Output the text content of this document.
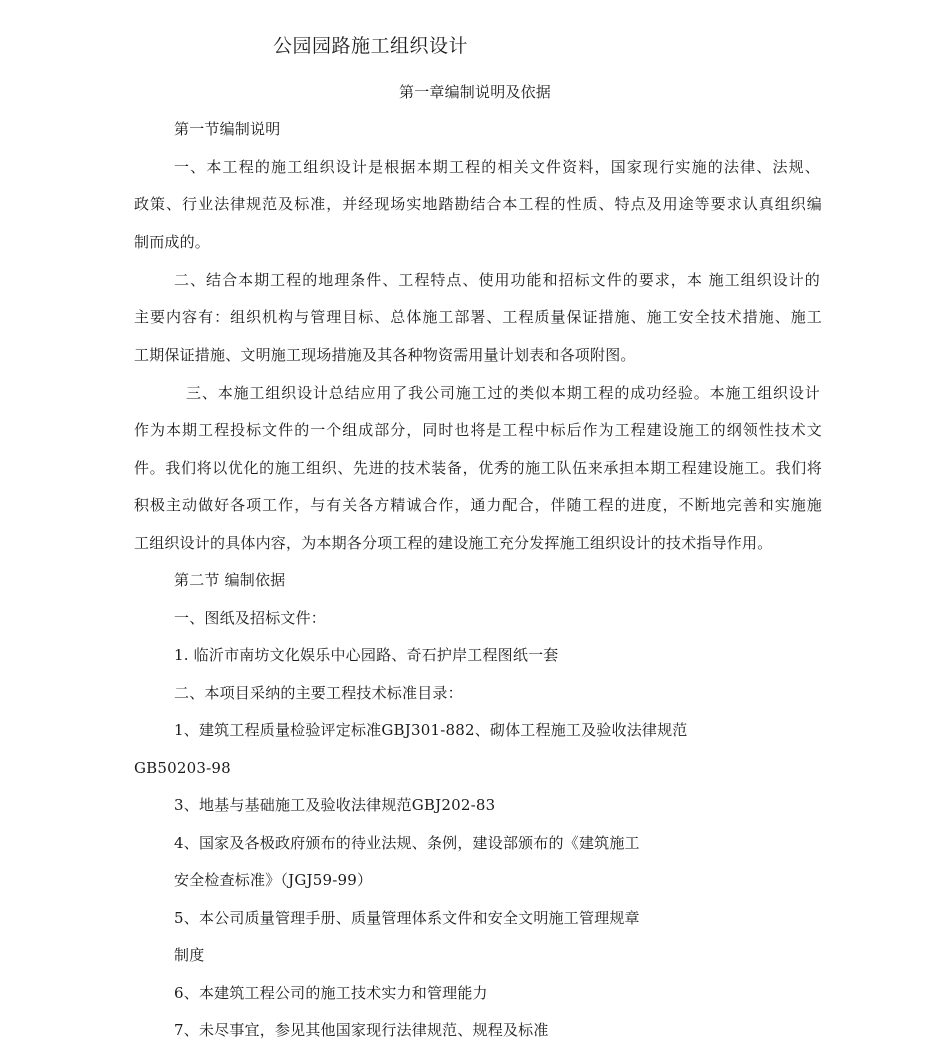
公园园路施工组织设计
第一章编制说明及依据
第一节编制说明
一、本工程的施工组织设计是根据本期工程的相关文件资料，国家现行实施的法律、法规、
政策、行业法律规范及标准，并经现场实地踏勘结合本工程的性质、特点及用途等要求认真组织编
制而成的。
二、结合本期工程的地理条件、工程特点、使用功能和招标文件的要求，本 施工组织设计的
主要内容有：组织机构与管理目标、总体施工部署、工程质量保证措施、施工安全技术措施、施工
工期保证措施、文明施工现场措施及其各种物资需用量计划表和各项附图。
三、本施工组织设计总结应用了我公司施工过的类似本期工程的成功经验。本施工组织设计
作为本期工程投标文件的一个组成部分，同时也将是工程中标后作为工程建设施工的纲领性技术文
件。我们将以优化的施工组织、先进的技术装备，优秀的施工队伍来承担本期工程建设施工。我们将
积极主动做好各项工作，与有关各方精诚合作，通力配合，伴随工程的进度，不断地完善和实施施
工组织设计的具体内容，为本期各分项工程的建设施工充分发挥施工组织设计的技术指导作用。
第二节 编制依据
一、图纸及招标文件：
1. 临沂市南坊文化娱乐中心园路、奇石护岸工程图纸一套
二、本项目采纳的主要工程技术标准目录：
1、建筑工程质量检验评定标准GBJ301-882、砌体工程施工及验收法律规范
GB50203-98
3、地基与基础施工及验收法律规范GBJ202-83
4、国家及各极政府颁布的待业法规、条例，建设部颁布的《建筑施工
安全检查标准》（JGJ59-99）
5、本公司质量管理手册、质量管理体系文件和安全文明施工管理规章
制度
6、本建筑工程公司的施工技术实力和管理能力
7、未尽事宜，参见其他国家现行法律规范、规程及标准
